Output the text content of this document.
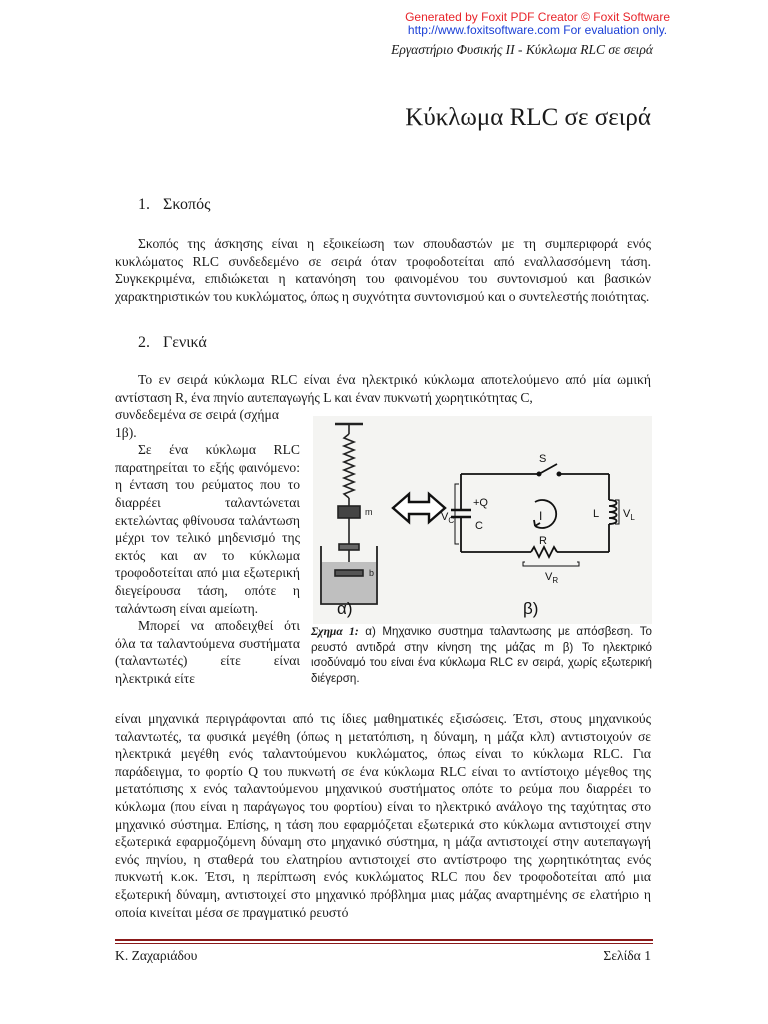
Generated by Foxit PDF Creator © Foxit Software
http://www.foxitsoftware.com For evaluation only.
Εργαστήριο Φυσικής ΙΙ - Κύκλωμα RLC σε σειρά
Κύκλωμα RLC σε σειρά
1. Σκοπός

Σκοπός της άσκησης είναι η εξοικείωση των σπουδαστών με τη συμπεριφορά ενός κυκλώματος RLC συνδεδεμένο σε σειρά όταν τροφοδοτείται από εναλλασσόμενη τάση. Συγκεκριμένα, επιδιώκεται η κατανόηση του φαινομένου του συντονισμού και βασικών χαρακτηριστικών του κυκλώματος, όπως η συχνότητα συντονισμού και ο συντελεστής ποιότητας.

2. Γενικά

Το εν σειρά κύκλωμα RLC είναι ένα ηλεκτρικό κύκλωμα αποτελούμενο από μία ωμική αντίσταση R, ένα πηνίο αυτεπαγωγής L και έναν πυκνωτή χωρητικότητας C,

συνδεδεμένα σε σειρά (σχήμα 1β).

Σε ένα κύκλωμα RLC παρατηρείται το εξής φαινόμενο: η ένταση του ρεύματος που το διαρρέει ταλαντώνεται εκτελώντας φθίνουσα ταλάντωση μέχρι τον τελικό μηδενισμό της εκτός και αν το κύκλωμα τροφοδοτείται από μια εξωτερική διεγείρουσα τάση, οπότε η ταλάντωση είναι αμείωτη.

Μπορεί να αποδειχθεί ότι όλα τα ταλαντούμενα συστήματα (ταλαντωτές) είτε είναι ηλεκτρικά είτε

είναι μηχανικά περιγράφονται από τις ίδιες μαθηματικές εξισώσεις. Έτσι, στους μηχανικούς ταλαντωτές, τα φυσικά μεγέθη (όπως η μετατόπιση, η δύναμη, η μάζα κλπ) αντιστοιχούν σε ηλεκτρικά μεγέθη ενός ταλαντούμενου κυκλώματος, όπως είναι το κύκλωμα RLC. Για παράδειγμα, το φορτίο Q του πυκνωτή σε ένα κύκλωμα RLC είναι το αντίστοιχο μέγεθος της μετατόπισης x ενός ταλαντούμενου μηχανικού συστήματος οπότε το ρεύμα που διαρρέει το κύκλωμα (που είναι η παράγωγος του φορτίου) είναι το ηλεκτρικό ανάλογο της ταχύτητας στο μηχανικό σύστημα. Επίσης, η τάση που εφαρμόζεται εξωτερικά στο κύκλωμα αντιστοιχεί στην εξωτερικά εφαρμοζόμενη δύναμη στο μηχανικό σύστημα, η μάζα αντιστοιχεί στην αυτεπαγωγή ενός πηνίου, η σταθερά του ελατηρίου αντιστοιχεί στο αντίστροφο της χωρητικότητας ενός πυκνωτή κ.οκ. Έτσι, η περίπτωση ενός κυκλώματος RLC που δεν τροφοδοτείται από μια εξωτερική δύναμη, αντιστοιχεί στο μηχανικό πρόβλημα μιας μάζας αναρτημένης σε ελατήριο η οποία κινείται μέσα σε πραγματικό ρευστό

m
b
S
+Q
C
I
R
L
$V_C$
$V_L$
$V_R$
α)	β)

Σχημα 1: α) Μηχανικο συστημα ταλαντωσης με απόσβεση. Το ρευστό αντιδρά στην κίνηση της μάζας m β) Το ηλεκτρικό ισοδύναμό του είναι ένα κύκλωμα RLC εν σειρά, χωρίς εξωτερική διέγερση.

Κ. Ζαχαριάδου	Σελίδα 1
